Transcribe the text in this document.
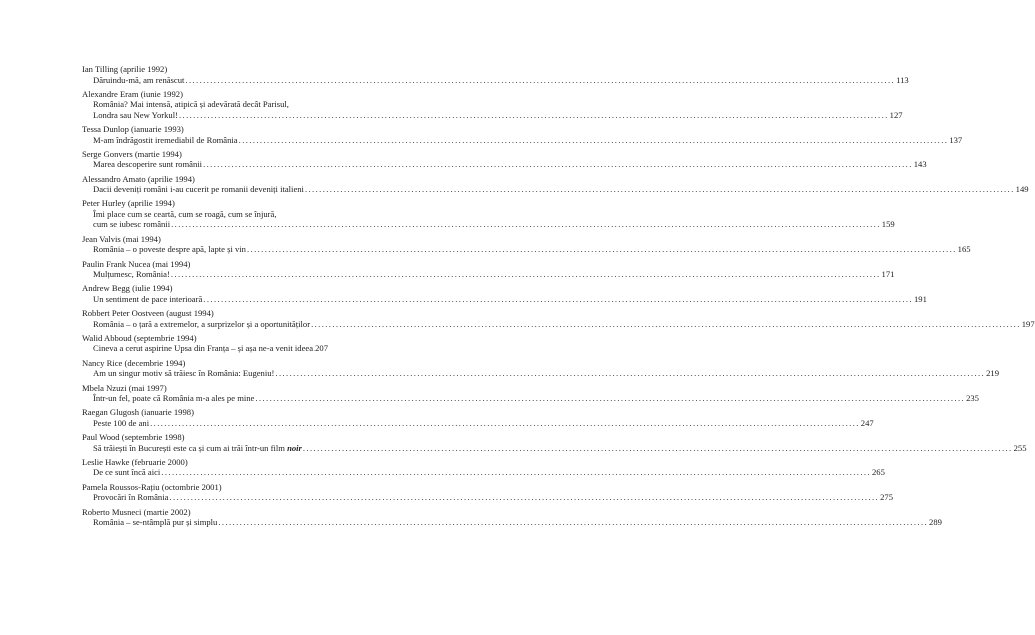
Ian Tilling (aprilie 1992)
Dăruindu-mă, am renăscut ........................................................................................................................................................................................................ 113
Alexandre Eram (iunie 1992)
România? Mai intensă, atipică și adevărată decât Parisul,
Londra sau New Yorkul! ........................................................................................................................................................................................................ 127
Tessa Dunlop (ianuarie 1993)
M-am îndrăgostit iremediabil de România ........................................................................................................................................................................................................ 137
Serge Gonvers (martie 1994)
Marea descoperire sunt românii ........................................................................................................................................................................................................ 143
Alessandro Amato (aprilie 1994)
Dacii deveniți români i-au cucerit pe romanii deveniți italieni ........................................................................................................................................................................................................ 149
Peter Hurley (aprilie 1994)
Îmi place cum se ceartă, cum se roagă, cum se înjură,
cum se iubesc românii ........................................................................................................................................................................................................ 159
Jean Valvis (mai 1994)
România – o poveste despre apă, lapte și vin ........................................................................................................................................................................................................ 165
Paulin Frank Nucea (mai 1994)
Mulțumesc, România! ........................................................................................................................................................................................................ 171
Andrew Begg (iulie 1994)
Un sentiment de pace interioară ........................................................................................................................................................................................................ 191
Robbert Peter Oostveen (august 1994)
România – o țară a extremelor, a surprizelor și a oportunităților ........................................................................................................................................................................................................ 197
Walid Abboud (septembrie 1994)
Cineva a cerut aspirine Upsa din Franța – și așa ne-a venit ideea 207
Nancy Rice (decembrie 1994)
Am un singur motiv să trăiesc în România: Eugeniu! ........................................................................................................................................................................................................ 219
Mbela Nzuzi (mai 1997)
Într-un fel, poate că România m-a ales pe mine ........................................................................................................................................................................................................ 235
Raegan Glugosh (ianuarie 1998)
Peste 100 de ani ........................................................................................................................................................................................................ 247
Paul Wood (septembrie 1998)
Să trăiești în București este ca și cum ai trăi într-un film noir ........................................................................................................................................................................................................ 255
Leslie Hawke (februarie 2000)
De ce sunt încă aici ........................................................................................................................................................................................................ 265
Pamela Roussos-Rațiu (octombrie 2001)
Provocări în România ........................................................................................................................................................................................................ 275
Roberto Musneci (martie 2002)
România – se-ntâmplă pur și simplu ........................................................................................................................................................................................................ 289
